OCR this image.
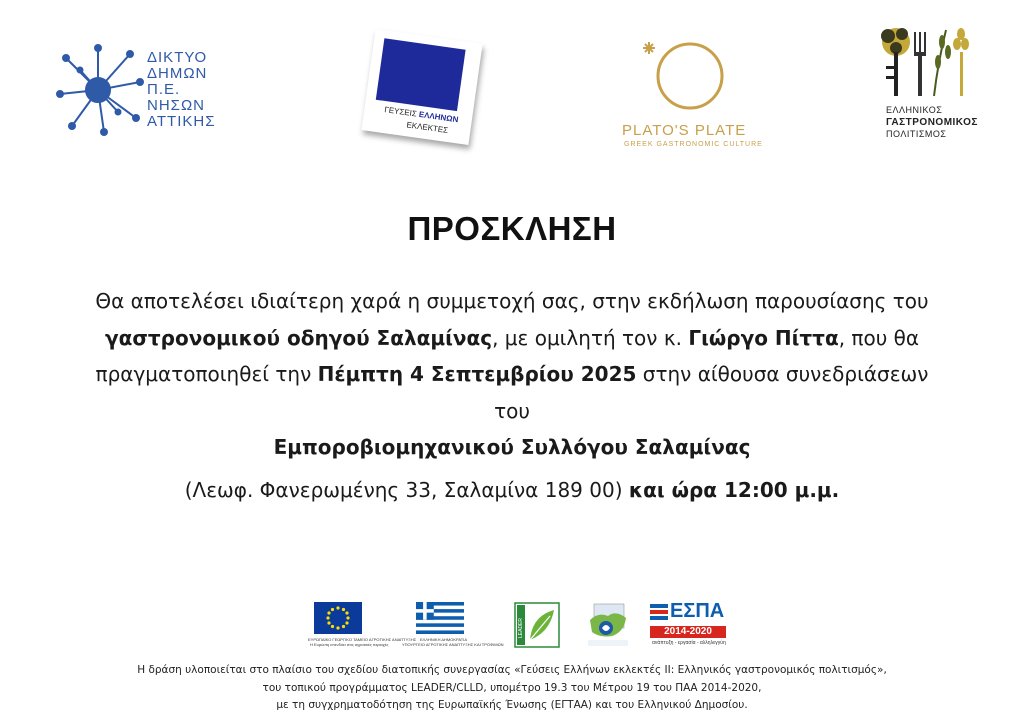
ΔΙΚΤΥΟ
ΔΗΜΩΝ
Π.Ε.
ΝΗΣΩΝ
ΑΤΤΙΚΗΣ
ΓΕΥΣΕΙΣ ΕΛΛΗΝΩΝ
ΕΚΛΕΚΤΕΣ	PLATO'S PLATE
GREEK GASTRONOMIC CULTURE
ΕΛΛΗΝΙΚΟΣ
ΓΑΣΤΡΟΝΟΜΙΚΟΣ
ΠΟΛΙΤΙΣΜΟΣ
ΠΡΟΣΚΛΗΣΗ
Θα αποτελέσει ιδιαίτερη χαρά η συμμετοχή σας, στην εκδήλωση παρουσίασης του γαστρονομικού οδηγού Σαλαμίνας, με ομιλητή τον κ. Γιώργο Πίττα, που θα πραγματοποιηθεί την Πέμπτη 4 Σεπτεμβρίου 2025 στην αίθουσα συνεδριάσεων του
Εμποροβιομηχανικού Συλλόγου Σαλαμίνας
(Λεωφ. Φανερωμένης 33, Σαλαμίνα 189 00) και ώρα 12:00 μ.μ.
ΕΥΡΩΠΑΪΚΟ ΓΕΩΡΓΙΚΟ ΤΑΜΕΙΟ ΑΓΡΟΤΙΚΗΣ ΑΝΑΠΤΥΞΗΣ
Η Ευρώπη επενδύει στις αγροτικές περιοχές
ΕΛΛΗΝΙΚΗ ΔΗΜΟΚΡΑΤΙΑ
ΥΠΟΥΡΓΕΙΟ ΑΓΡΟΤΙΚΗΣ ΑΝΑΠΤΥΞΗΣ ΚΑΙ ΤΡΟΦΙΜΩΝ
LEADER
ΕΣΠΑ
2014-2020
ανάπτυξη - εργασία - αλληλεγγύη
Η δράση υλοποιείται στο πλαίσιο του σχεδίου διατοπικής συνεργασίας «Γεύσεις Ελλήνων εκλεκτές ΙΙ: Ελληνικός γαστρονομικός πολιτισμός»,
του τοπικού προγράμματος LEADER/CLLD, υπομέτρο 19.3 του Μέτρου 19 του ΠΑΑ 2014-2020,
με τη συγχρηματοδότηση της Ευρωπαϊκής Ένωσης (ΕΓΤΑΑ) και του Ελληνικού Δημοσίου.
